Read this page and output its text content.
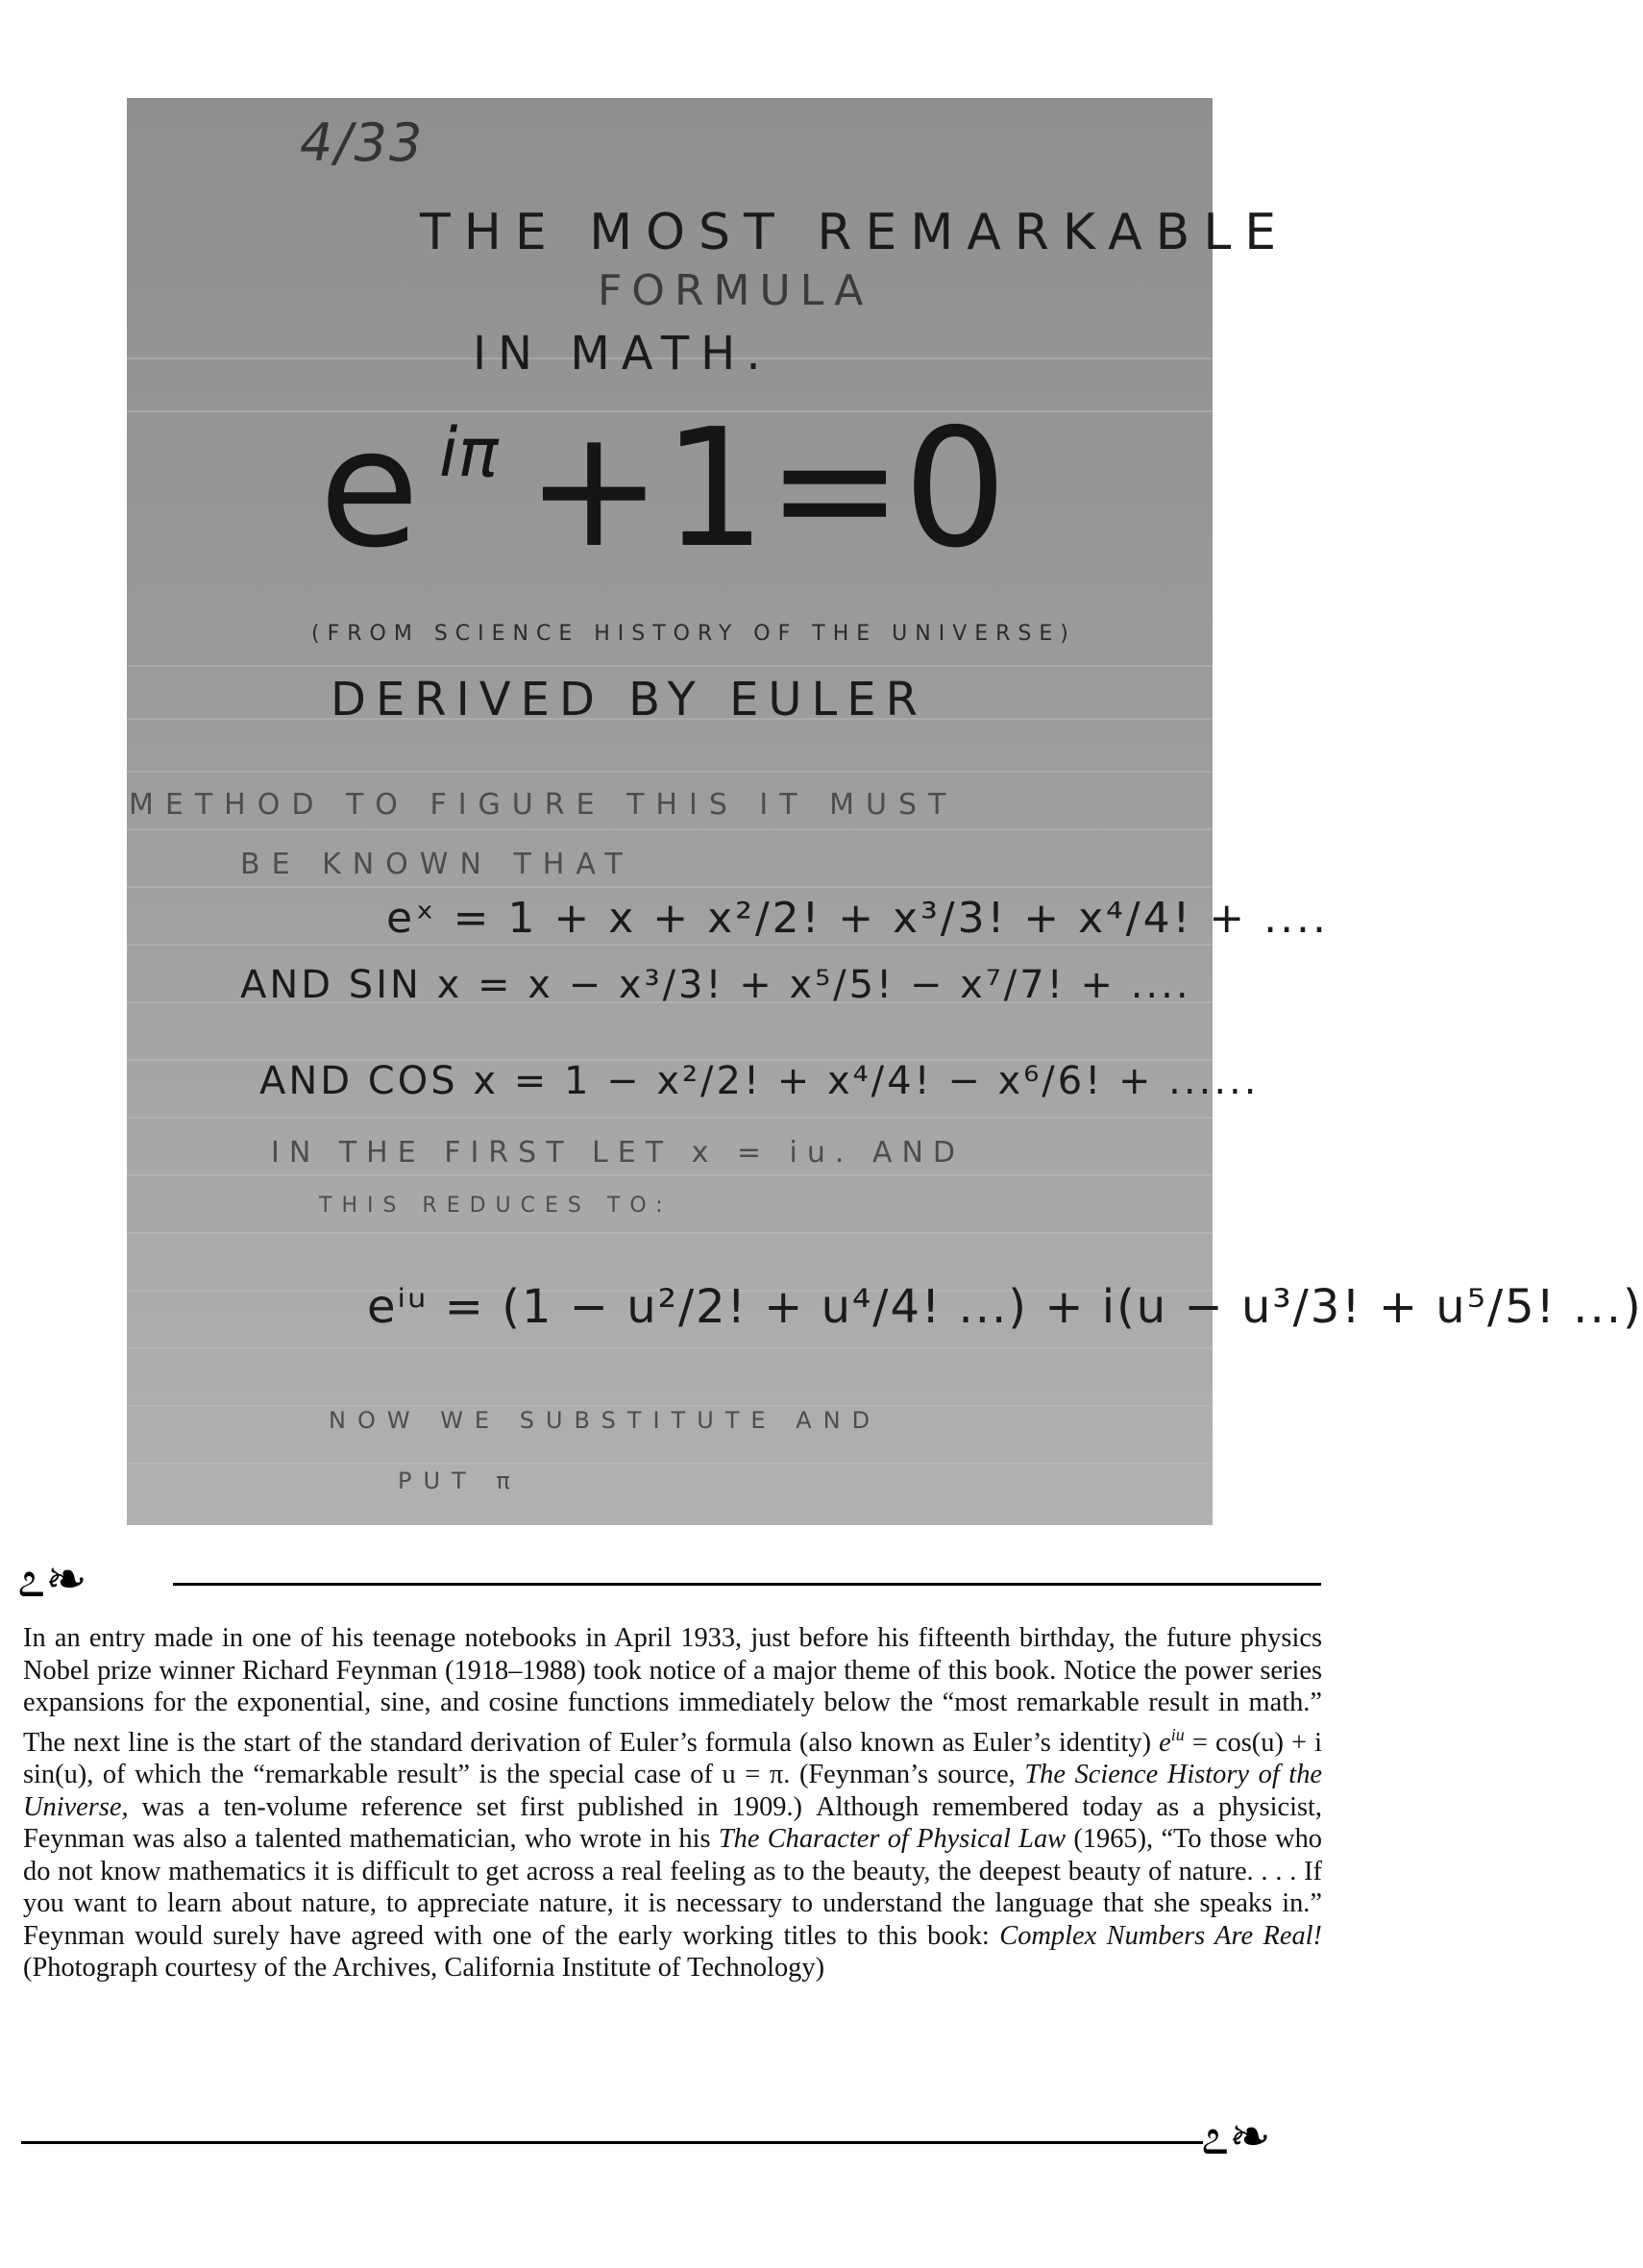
4/33
THE MOST REMARKABLE
FORMULA
IN MATH.
e iπ +1=0
(FROM SCIENCE HISTORY OF THE UNIVERSE)
DERIVED BY EULER
METHOD TO FIGURE THIS IT MUST
BE KNOWN THAT
eˣ = 1 + x + x²/2! + x³/3! + x⁴/4! + ....
AND SIN x = x − x³/3! + x⁵/5! − x⁷/7! + ....
AND COS x = 1 − x²/2! + x⁴/4! − x⁶/6! + ......
IN THE FIRST LET x = iu. AND
THIS REDUCES TO:
eⁱᵘ = (1 − u²/2! + u⁴/4! ...) + i(u − u³/3! + u⁵/5! ...)
NOW WE SUBSTITUTE AND
PUT π
೭❧
In an entry made in one of his teenage notebooks in April 1933, just before his fifteenth birthday, the future physics Nobel prize winner Richard Feynman (1918–1988) took notice of a major theme of this book. Notice the power series expansions for the exponential, sine, and cosine functions immediately below the “most remarkable result in math.” The next line is the start of the standard derivation of Euler’s formula (also known as Euler’s identity) $e^{iu} = \cos(u) + i$ sin(u), of which the “remarkable result” is the special case of u = π. (Feynman’s source, The Science History of the Universe, was a ten-volume reference set first published in 1909.) Although remembered today as a physicist, Feynman was also a talented mathematician, who wrote in his The Character of Physical Law (1965), “To those who do not know mathematics it is difficult to get across a real feeling as to the beauty, the deepest beauty of nature. . . . If you want to learn about nature, to appreciate nature, it is necessary to understand the language that she speaks in.” Feynman would surely have agreed with one of the early working titles to this book: Complex Numbers Are Real! (Photograph courtesy of the Archives, California Institute of Technology)
೭❧
